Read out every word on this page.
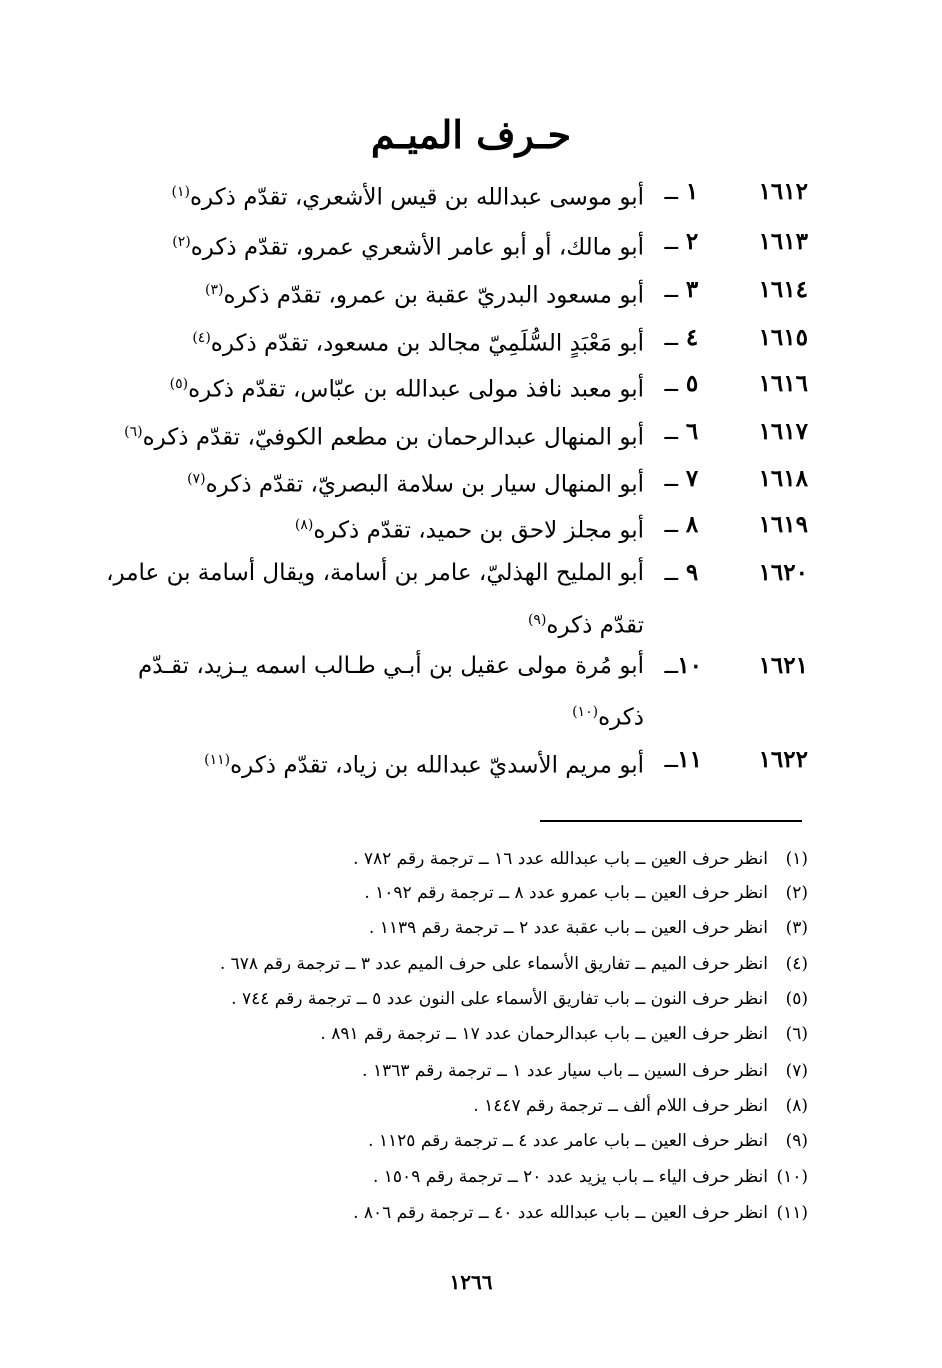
حـرف الميـم
١٦١٢
١
ــ
أبو موسى عبدالله بن قيس الأشعري، تقدّم ذكره$^{(١)}$
١٦١٣
٢
ــ
أبو مالك، أو أبو عامر الأشعري عمرو، تقدّم ذكره$^{(٢)}$
١٦١٤
٣
ــ
أبو مسعود البدريّ عقبة بن عمرو، تقدّم ذكره$^{(٣)}$
١٦١٥
٤
ــ
أبو مَعْبَدٍ السُّلَمِيّ مجالد بن مسعود، تقدّم ذكره$^{(٤)}$
١٦١٦
٥
ــ
أبو معبد نافذ مولى عبدالله بن عبّاس، تقدّم ذكره$^{(٥)}$
١٦١٧
٦
ــ
أبو المنهال عبدالرحمان بن مطعم الكوفيّ، تقدّم ذكره$^{(٦)}$
١٦١٨
٧
ــ
أبو المنهال سيار بن سلامة البصريّ، تقدّم ذكره$^{(٧)}$
١٦١٩
٨
ــ
أبو مجلز لاحق بن حميد، تقدّم ذكره$^{(٨)}$
١٦٢٠
٩
ــ
أبو المليح الهذليّ، عامر بن أسامة، ويقال أسامة بن عامر،
تقدّم ذكره$^{(٩)}$
١٦٢١
١٠
ــ
أبو مُرة مولى عقيل بن أبـي طـالب اسمه يـزيد، تقـدّم
ذكره$^{(١٠)}$
١٦٢٢
١١
ــ
أبو مريم الأسديّ عبدالله بن زياد، تقدّم ذكره$^{(١١)}$
(١)انظر حرف العين ــ باب عبدالله عدد ١٦ ــ ترجمة رقم ٧٨٢ .
(٢)انظر حرف العين ــ باب عمرو عدد ٨ ــ ترجمة رقم ١٠٩٢ .
(٣)انظر حرف العين ــ باب عقبة عدد ٢ ــ ترجمة رقم ١١٣٩ .
(٤)انظر حرف الميم ــ تفاريق الأسماء على حرف الميم عدد ٣ ــ ترجمة رقم ٦٧٨ .
(٥)انظر حرف النون ــ باب تفاريق الأسماء على النون عدد ٥ ــ ترجمة رقم ٧٤٤ .
(٦)انظر حرف العين ــ باب عبدالرحمان عدد ١٧ ــ ترجمة رقم ٨٩١ .
(٧)انظر حرف السين ــ باب سيار عدد ١ ــ ترجمة رقم ١٣٦٣ .
(٨)انظر حرف اللام ألف ــ ترجمة رقم ١٤٤٧ .
(٩)انظر حرف العين ــ باب عامر عدد ٤ ــ ترجمة رقم ١١٢٥ .
(١٠)انظر حرف الياء ــ باب يزيد عدد ٢٠ ــ ترجمة رقم ١٥٠٩ .
(١١)انظر حرف العين ــ باب عبدالله عدد ٤٠ ــ ترجمة رقم ٨٠٦ .
١٢٦٦
